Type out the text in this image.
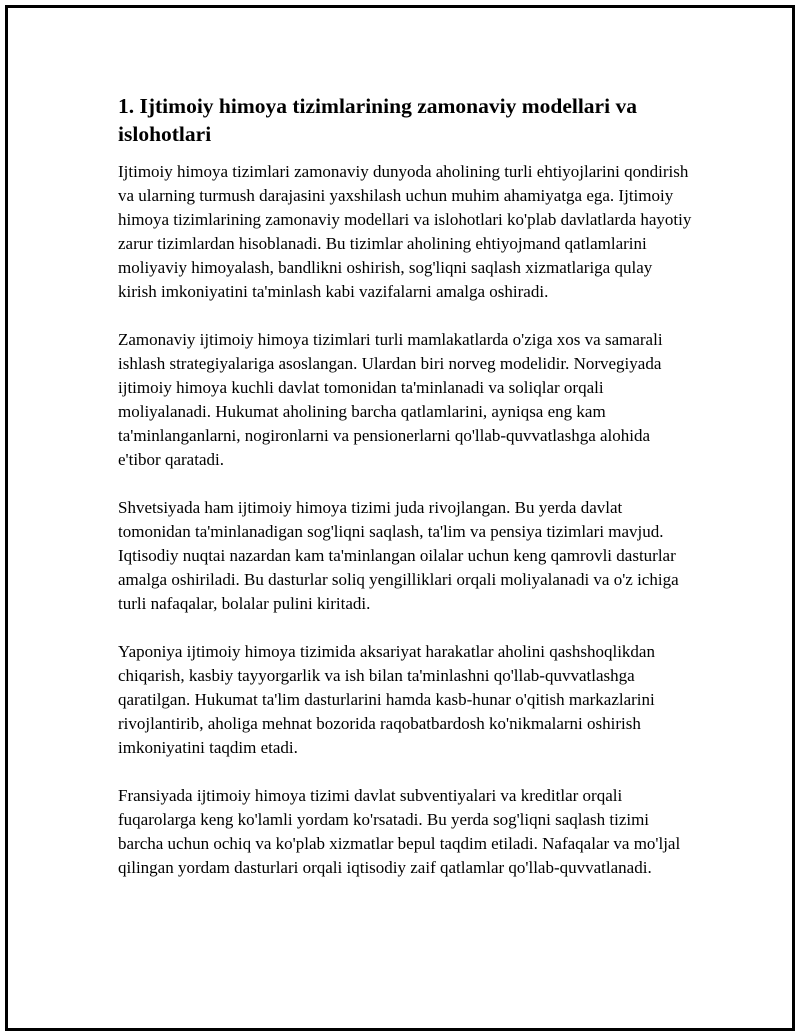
1. Ijtimoiy himoya tizimlarining zamonaviy modellari va islohotlari

Ijtimoiy himoya tizimlari zamonaviy dunyoda aholining turli ehtiyojlarini qondirish va ularning turmush darajasini yaxshilash uchun muhim ahamiyatga ega. Ijtimoiy himoya tizimlarining zamonaviy modellari va islohotlari ko'plab davlatlarda hayotiy zarur tizimlardan hisoblanadi. Bu tizimlar aholining ehtiyojmand qatlamlarini moliyaviy himoyalash, bandlikni oshirish, sog'liqni saqlash xizmatlariga qulay kirish imkoniyatini ta'minlash kabi vazifalarni amalga oshiradi.

Zamonaviy ijtimoiy himoya tizimlari turli mamlakatlarda o'ziga xos va samarali ishlash strategiyalariga asoslangan. Ulardan biri norveg modelidir. Norvegiyada ijtimoiy himoya kuchli davlat tomonidan ta'minlanadi va soliqlar orqali moliyalanadi. Hukumat aholining barcha qatlamlarini, ayniqsa eng kam ta'minlanganlarni, nogironlarni va pensionerlarni qo'llab-quvvatlashga alohida e'tibor qaratadi.

Shvetsiyada ham ijtimoiy himoya tizimi juda rivojlangan. Bu yerda davlat tomonidan ta'minlanadigan sog'liqni saqlash, ta'lim va pensiya tizimlari mavjud. Iqtisodiy nuqtai nazardan kam ta'minlangan oilalar uchun keng qamrovli dasturlar amalga oshiriladi. Bu dasturlar soliq yengilliklari orqali moliyalanadi va o'z ichiga turli nafaqalar, bolalar pulini kiritadi.

Yaponiya ijtimoiy himoya tizimida aksariyat harakatlar aholini qashshoqlikdan chiqarish, kasbiy tayyorgarlik va ish bilan ta'minlashni qo'llab-quvvatlashga qaratilgan. Hukumat ta'lim dasturlarini hamda kasb-hunar o'qitish markazlarini rivojlantirib, aholiga mehnat bozorida raqobatbardosh ko'nikmalarni oshirish imkoniyatini taqdim etadi.

Fransiyada ijtimoiy himoya tizimi davlat subventiyalari va kreditlar orqali fuqarolarga keng ko'lamli yordam ko'rsatadi. Bu yerda sog'liqni saqlash tizimi barcha uchun ochiq va ko'plab xizmatlar bepul taqdim etiladi. Nafaqalar va mo'ljal qilingan yordam dasturlari orqali iqtisodiy zaif qatlamlar qo'llab-quvvatlanadi.
